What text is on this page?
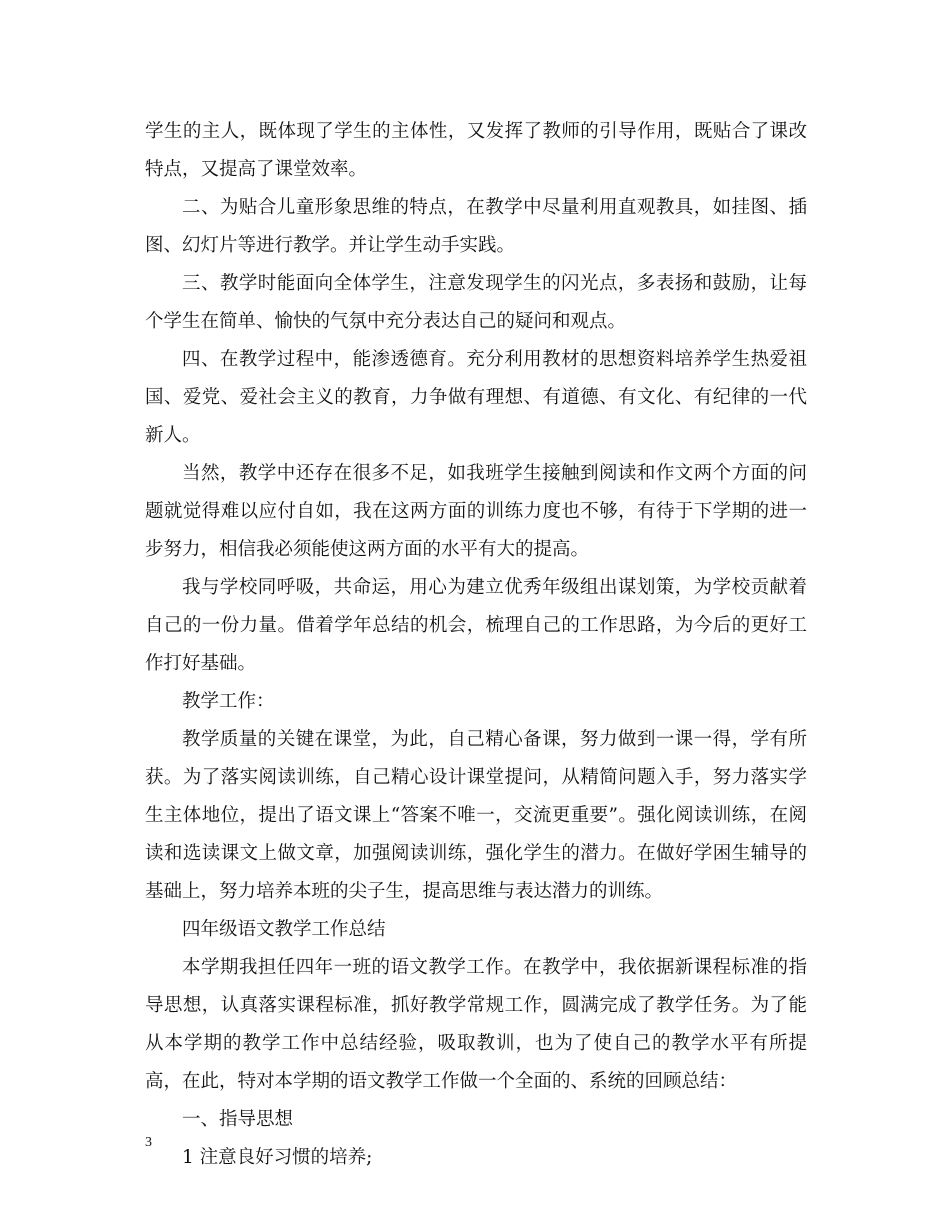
学生的主人，既体现了学生的主体性，又发挥了教师的引导作用，既贴合了课改特点，又提高了课堂效率。

二、为贴合儿童形象思维的特点，在教学中尽量利用直观教具，如挂图、插图、幻灯片等进行教学。并让学生动手实践。

三、教学时能面向全体学生，注意发现学生的闪光点，多表扬和鼓励，让每个学生在简单、愉快的气氛中充分表达自己的疑问和观点。

四、在教学过程中，能渗透德育。充分利用教材的思想资料培养学生热爱祖国、爱党、爱社会主义的教育，力争做有理想、有道德、有文化、有纪律的一代新人。

当然，教学中还存在很多不足，如我班学生接触到阅读和作文两个方面的问题就觉得难以应付自如，我在这两方面的训练力度也不够，有待于下学期的进一步努力，相信我必须能使这两方面的水平有大的提高。

我与学校同呼吸，共命运，用心为建立优秀年级组出谋划策，为学校贡献着自己的一份力量。借着学年总结的机会，梳理自己的工作思路，为今后的更好工作打好基础。

教学工作：

教学质量的关键在课堂，为此，自己精心备课，努力做到一课一得，学有所获。为了落实阅读训练，自己精心设计课堂提问，从精简问题入手，努力落实学生主体地位，提出了语文课上“答案不唯一，交流更重要”。强化阅读训练，在阅读和选读课文上做文章，加强阅读训练，强化学生的潜力。在做好学困生辅导的基础上，努力培养本班的尖子生，提高思维与表达潜力的训练。

四年级语文教学工作总结

本学期我担任四年一班的语文教学工作。在教学中，我依据新课程标准的指导思想，认真落实课程标准，抓好教学常规工作，圆满完成了教学任务。为了能从本学期的教学工作中总结经验，吸取教训，也为了使自己的教学水平有所提高，在此，特对本学期的语文教学工作做一个全面的、系统的回顾总结：

一、指导思想

1 注意良好习惯的培养;

3
